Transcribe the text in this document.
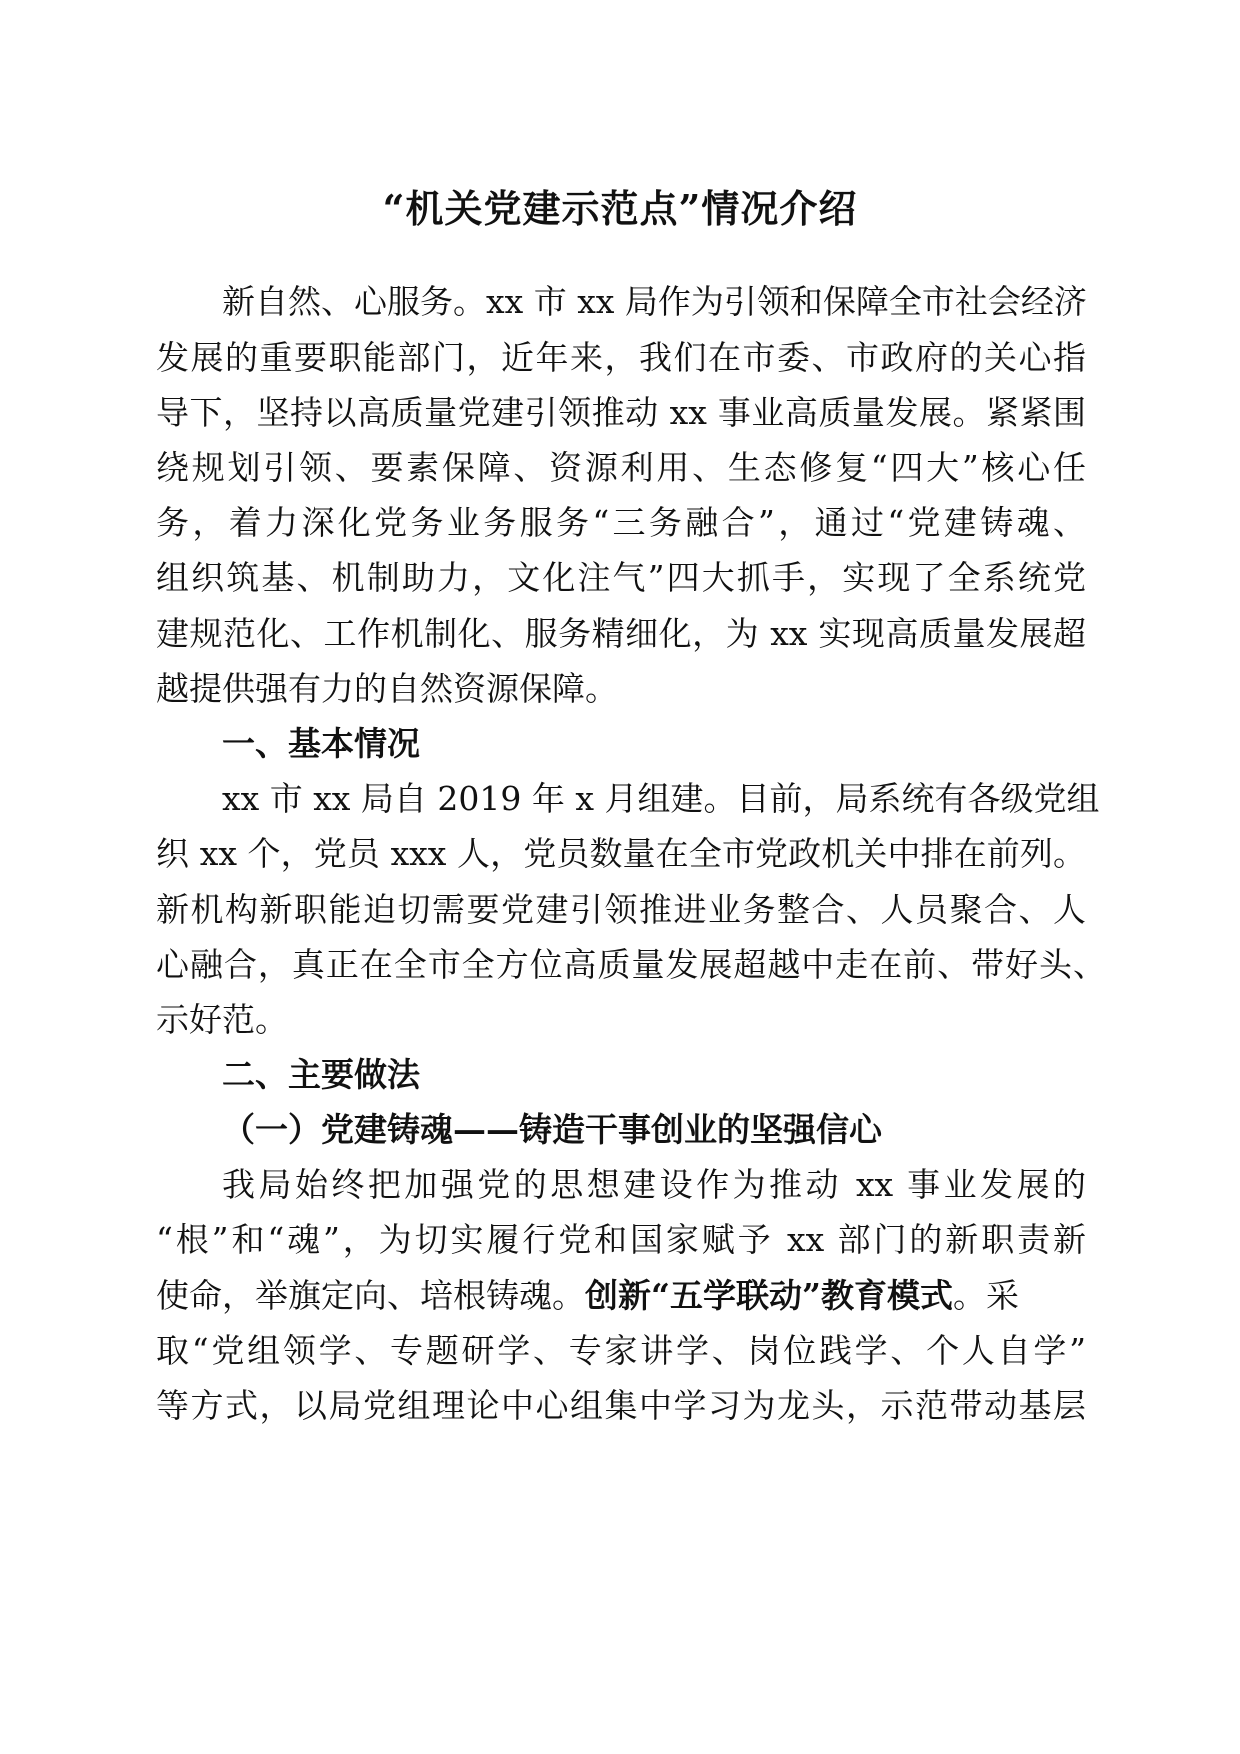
“机关党建示范点”情况介绍
新自然、心服务。xx 市 xx 局作为引领和保障全市社会经济
发展的重要职能部门，近年来，我们在市委、市政府的关心指
导下，坚持以高质量党建引领推动 xx 事业高质量发展。紧紧围
绕规划引领、要素保障、资源利用、生态修复“四大”核心任
务，着力深化党务业务服务“三务融合”，通过“党建铸魂、
组织筑基、机制助力，文化注气”四大抓手，实现了全系统党
建规范化、工作机制化、服务精细化，为 xx 实现高质量发展超
越提供强有力的自然资源保障。
一、基本情况
xx 市 xx 局自 2019 年 x 月组建。目前，局系统有各级党组
织 xx 个，党员 xxx 人，党员数量在全市党政机关中排在前列。
新机构新职能迫切需要党建引领推进业务整合、人员聚合、人
心融合，真正在全市全方位高质量发展超越中走在前、带好头、
示好范。
二、主要做法
（一）党建铸魂——铸造干事创业的坚强信心
我局始终把加强党的思想建设作为推动 xx 事业发展的
“根”和“魂”，为切实履行党和国家赋予 xx 部门的新职责新
使命，举旗定向、培根铸魂。创新“五学联动”教育模式。采
取“党组领学、专题研学、专家讲学、岗位践学、个人自学”
等方式，以局党组理论中心组集中学习为龙头，示范带动基层
